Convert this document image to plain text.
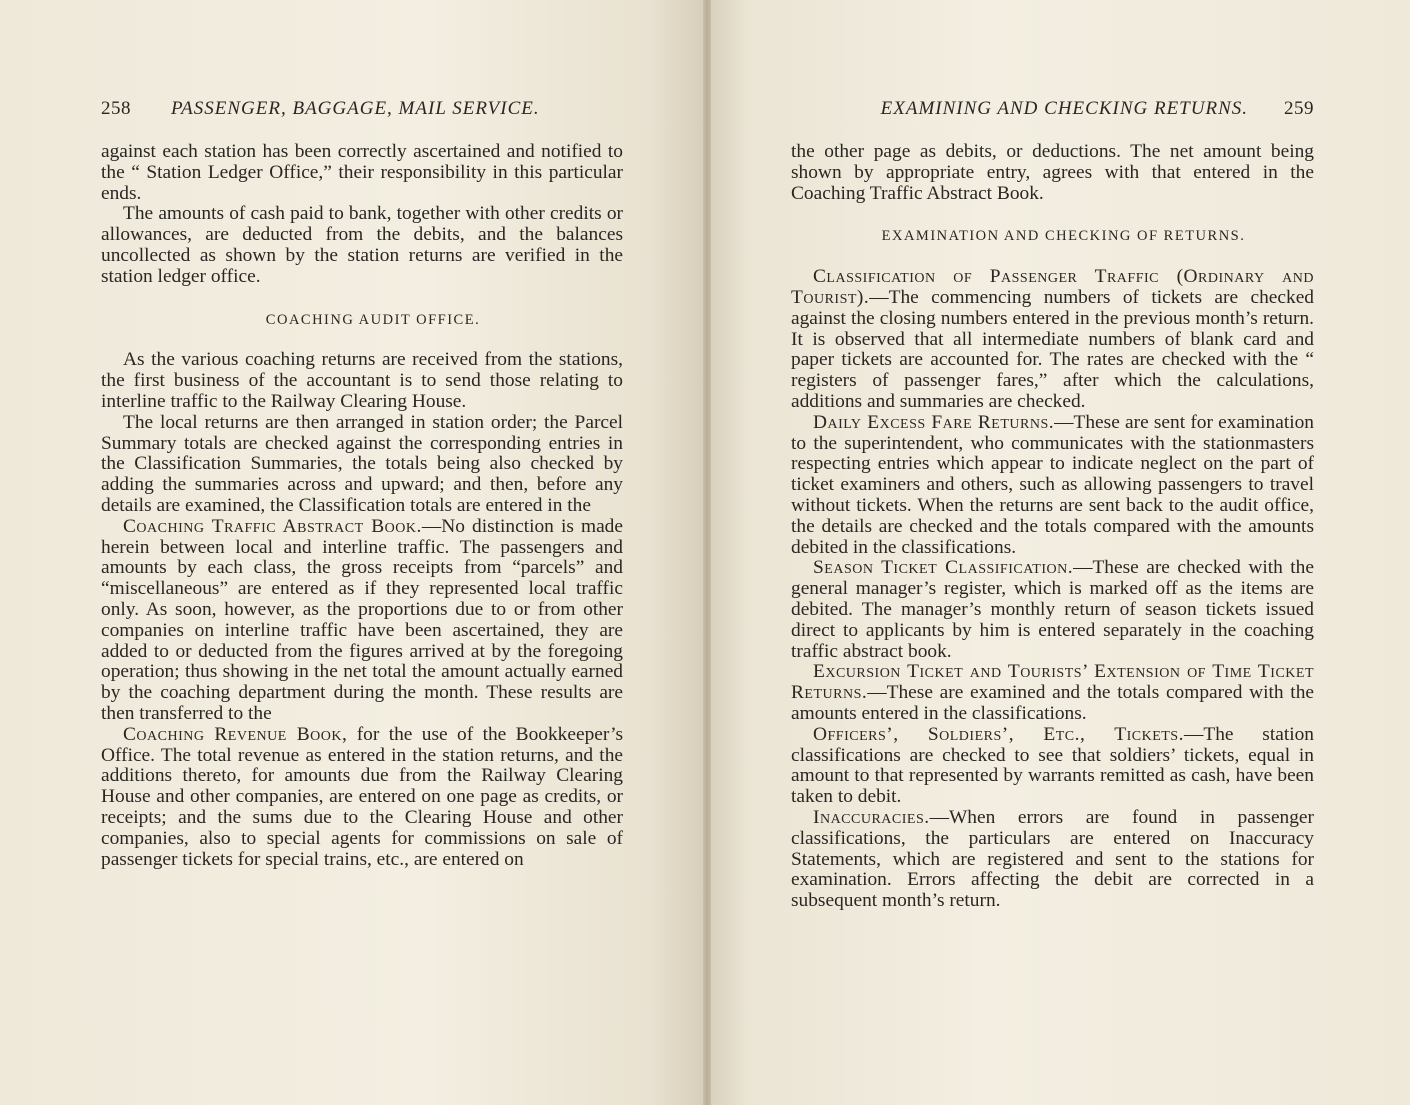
258 PASSENGER, BAGGAGE, MAIL SERVICE.

against each station has been correctly ascertained and notified to the “ Station Ledger Office,” their responsibility in this particular ends.

The amounts of cash paid to bank, together with other credits or allowances, are deducted from the debits, and the balances uncollected as shown by the station returns are verified in the station ledger office.

COACHING AUDIT OFFICE.

As the various coaching returns are received from the stations, the first business of the accountant is to send those relating to interline traffic to the Railway Clearing House.

The local returns are then arranged in station order; the Parcel Summary totals are checked against the corresponding entries in the Classification Summaries, the totals being also checked by adding the summaries across and upward; and then, before any details are examined, the Classification totals are entered in the

Coaching Traffic Abstract Book.—No distinction is made herein between local and interline traffic. The passengers and amounts by each class, the gross receipts from “parcels” and “miscellaneous” are entered as if they represented local traffic only. As soon, however, as the proportions due to or from other companies on interline traffic have been ascertained, they are added to or deducted from the figures arrived at by the foregoing operation; thus showing in the net total the amount actually earned by the coaching department during the month. These results are then transferred to the

Coaching Revenue Book, for the use of the Bookkeeper’s Office. The total revenue as entered in the station returns, and the additions thereto, for amounts due from the Railway Clearing House and other companies, are entered on one page as credits, or receipts; and the sums due to the Clearing House and other companies, also to special agents for commissions on sale of passenger tickets for special trains, etc., are entered on

EXAMINING AND CHECKING RETURNS. 259

the other page as debits, or deductions. The net amount being shown by appropriate entry, agrees with that entered in the Coaching Traffic Abstract Book.

EXAMINATION AND CHECKING OF RETURNS.

Classification of Passenger Traffic (Ordinary and Tourist).—The commencing numbers of tickets are checked against the closing numbers entered in the previous month’s return. It is observed that all intermediate numbers of blank card and paper tickets are accounted for. The rates are checked with the “ registers of passenger fares,” after which the calculations, additions and summaries are checked.

Daily Excess Fare Returns.—These are sent for examination to the superintendent, who communicates with the stationmasters respecting entries which appear to indicate neglect on the part of ticket examiners and others, such as allowing passengers to travel without tickets. When the returns are sent back to the audit office, the details are checked and the totals compared with the amounts debited in the classifications.

Season Ticket Classification.—These are checked with the general manager’s register, which is marked off as the items are debited. The manager’s monthly return of season tickets issued direct to applicants by him is entered separately in the coaching traffic abstract book.

Excursion Ticket and Tourists’ Extension of Time Ticket Returns.—These are examined and the totals compared with the amounts entered in the classifications.

Officers’, Soldiers’, Etc., Tickets.—The station classifications are checked to see that soldiers’ tickets, equal in amount to that represented by warrants remitted as cash, have been taken to debit.

Inaccuracies.—When errors are found in passenger classifications, the particulars are entered on Inaccuracy Statements, which are registered and sent to the stations for examination. Errors affecting the debit are corrected in a subsequent month’s return.
